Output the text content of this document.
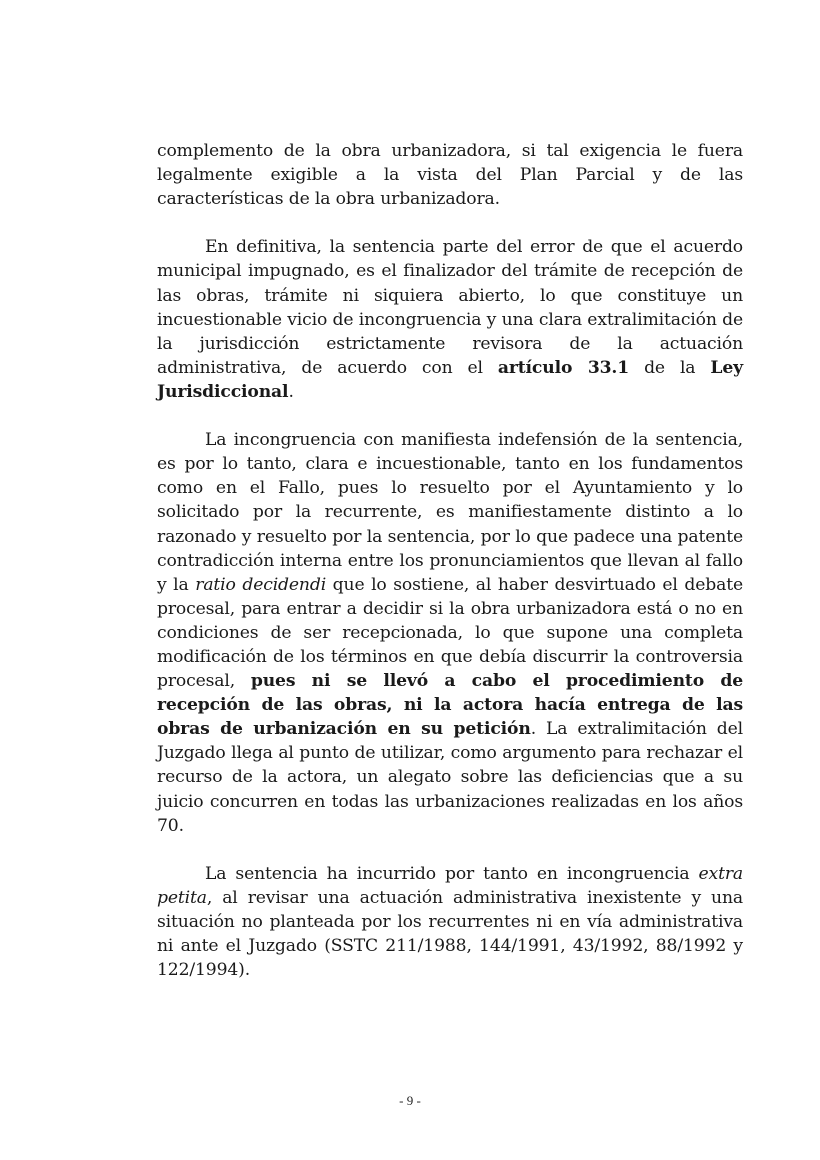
complemento de la obra urbanizadora, si tal exigencia le fuera legalmente exigible a la vista del Plan Parcial y de las características de la obra urbanizadora.

En definitiva, la sentencia parte del error de que el acuerdo municipal impugnado, es el finalizador del trámite de recepción de las obras, trámite ni siquiera abierto, lo que constituye un incuestionable vicio de incongruencia y una clara extralimitación de la jurisdicción estrictamente revisora de la actuación administrativa, de acuerdo con el artículo 33.1 de la Ley Jurisdiccional.

La incongruencia con manifiesta indefensión de la sentencia, es por lo tanto, clara e incuestionable, tanto en los fundamentos como en el Fallo, pues lo resuelto por el Ayuntamiento y lo solicitado por la recurrente, es manifiestamente distinto a lo razonado y resuelto por la sentencia, por lo que padece una patente contradicción interna entre los pronunciamientos que llevan al fallo y la ratio decidendi que lo sostiene, al haber desvirtuado el debate procesal, para entrar a decidir si la obra urbanizadora está o no en condiciones de ser recepcionada, lo que supone una completa modificación de los términos en que debía discurrir la controversia procesal, pues ni se llevó a cabo el procedimiento de recepción de las obras, ni la actora hacía entrega de las obras de urbanización en su petición. La extralimitación del Juzgado llega al punto de utilizar, como argumento para rechazar el recurso de la actora, un alegato sobre las deficiencias que a su juicio concurren en todas las urbanizaciones realizadas en los años 70.

La sentencia ha incurrido por tanto en incongruencia extra petita, al revisar una actuación administrativa inexistente y una situación no planteada por los recurrentes ni en vía administrativa ni ante el Juzgado (SSTC 211/1988, 144/1991, 43/1992, 88/1992 y 122/1994).

- 9 -
